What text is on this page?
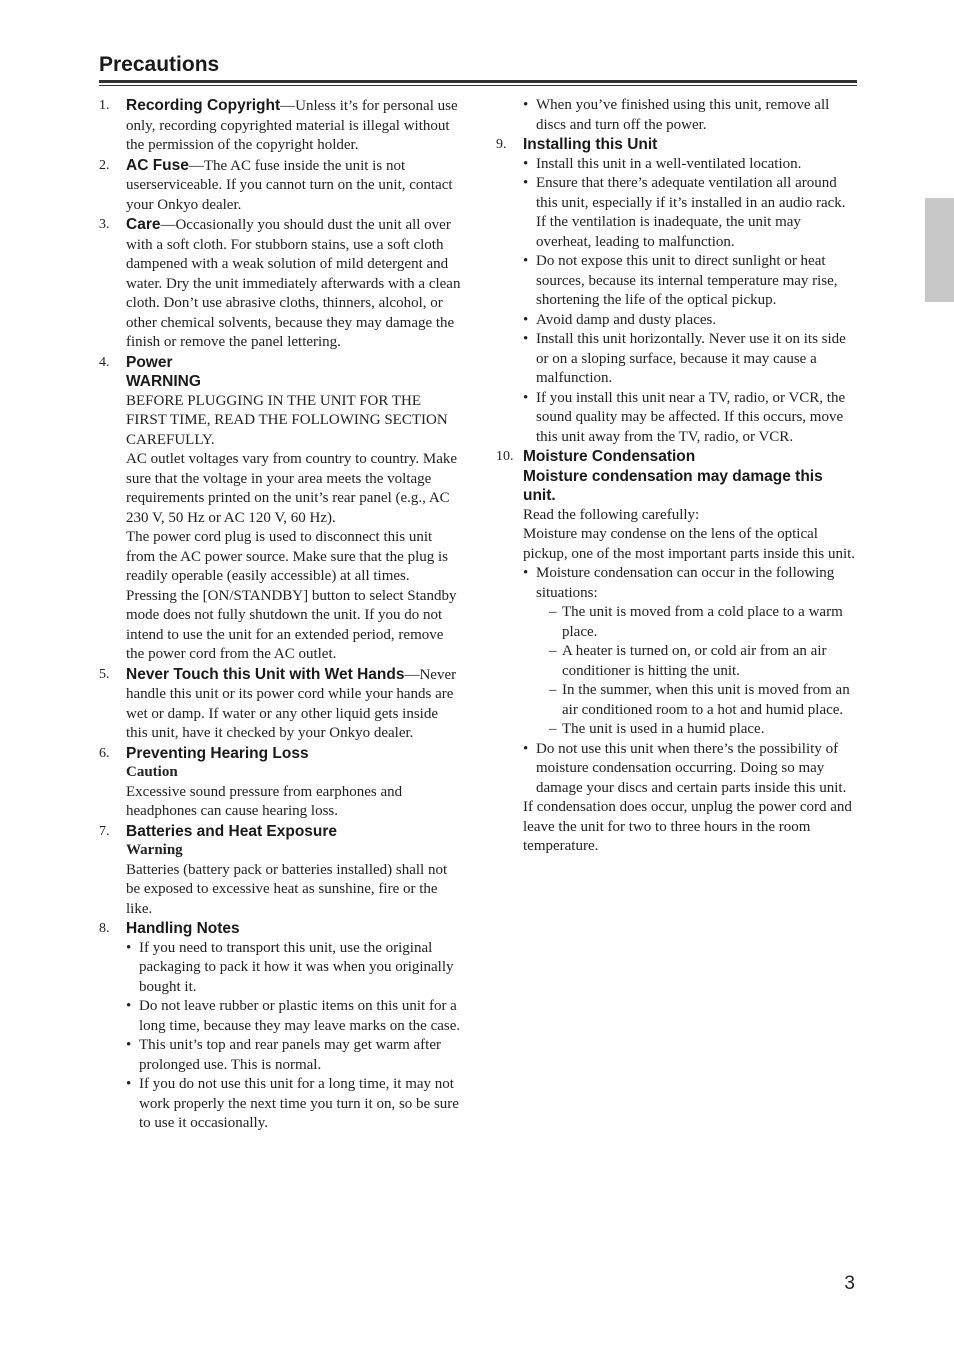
Precautions
1. Recording Copyright—Unless it’s for personal use only, recording copyrighted material is illegal without the permission of the copyright holder.
2. AC Fuse—The AC fuse inside the unit is not userserviceable. If you cannot turn on the unit, contact your Onkyo dealer.
3. Care—Occasionally you should dust the unit all over with a soft cloth. For stubborn stains, use a soft cloth dampened with a weak solution of mild detergent and water. Dry the unit immediately afterwards with a clean cloth. Don’t use abrasive cloths, thinners, alcohol, or other chemical solvents, because they may damage the finish or remove the panel lettering.
4. Power
WARNING
BEFORE PLUGGING IN THE UNIT FOR THE FIRST TIME, READ THE FOLLOWING SECTION CAREFULLY.
AC outlet voltages vary from country to country. Make sure that the voltage in your area meets the voltage requirements printed on the unit’s rear panel (e.g., AC 230 V, 50 Hz or AC 120 V, 60 Hz).
The power cord plug is used to disconnect this unit from the AC power source. Make sure that the plug is readily operable (easily accessible) at all times.
Pressing the [ON/STANDBY] button to select Standby mode does not fully shutdown the unit. If you do not intend to use the unit for an extended period, remove the power cord from the AC outlet.
5. Never Touch this Unit with Wet Hands—Never handle this unit or its power cord while your hands are wet or damp. If water or any other liquid gets inside this unit, have it checked by your Onkyo dealer.
6. Preventing Hearing Loss
Caution
Excessive sound pressure from earphones and headphones can cause hearing loss.
7. Batteries and Heat Exposure
Warning
Batteries (battery pack or batteries installed) shall not be exposed to excessive heat as sunshine, fire or the like.
8. Handling Notes
• If you need to transport this unit, use the original packaging to pack it how it was when you originally bought it.
• Do not leave rubber or plastic items on this unit for a long time, because they may leave marks on the case.
• This unit’s top and rear panels may get warm after prolonged use. This is normal.
• If you do not use this unit for a long time, it may not work properly the next time you turn it on, so be sure to use it occasionally.
• When you’ve finished using this unit, remove all discs and turn off the power.
9. Installing this Unit
• Install this unit in a well-ventilated location.
• Ensure that there’s adequate ventilation all around this unit, especially if it’s installed in an audio rack. If the ventilation is inadequate, the unit may overheat, leading to malfunction.
• Do not expose this unit to direct sunlight or heat sources, because its internal temperature may rise, shortening the life of the optical pickup.
• Avoid damp and dusty places.
• Install this unit horizontally. Never use it on its side or on a sloping surface, because it may cause a malfunction.
• If you install this unit near a TV, radio, or VCR, the sound quality may be affected. If this occurs, move this unit away from the TV, radio, or VCR.
10. Moisture Condensation
Moisture condensation may damage this unit.
Read the following carefully:
Moisture may condense on the lens of the optical pickup, one of the most important parts inside this unit.
• Moisture condensation can occur in the following situations:
– The unit is moved from a cold place to a warm place.
– A heater is turned on, or cold air from an air conditioner is hitting the unit.
– In the summer, when this unit is moved from an air conditioned room to a hot and humid place.
– The unit is used in a humid place.
• Do not use this unit when there’s the possibility of moisture condensation occurring. Doing so may damage your discs and certain parts inside this unit.
If condensation does occur, unplug the power cord and leave the unit for two to three hours in the room temperature.
3
